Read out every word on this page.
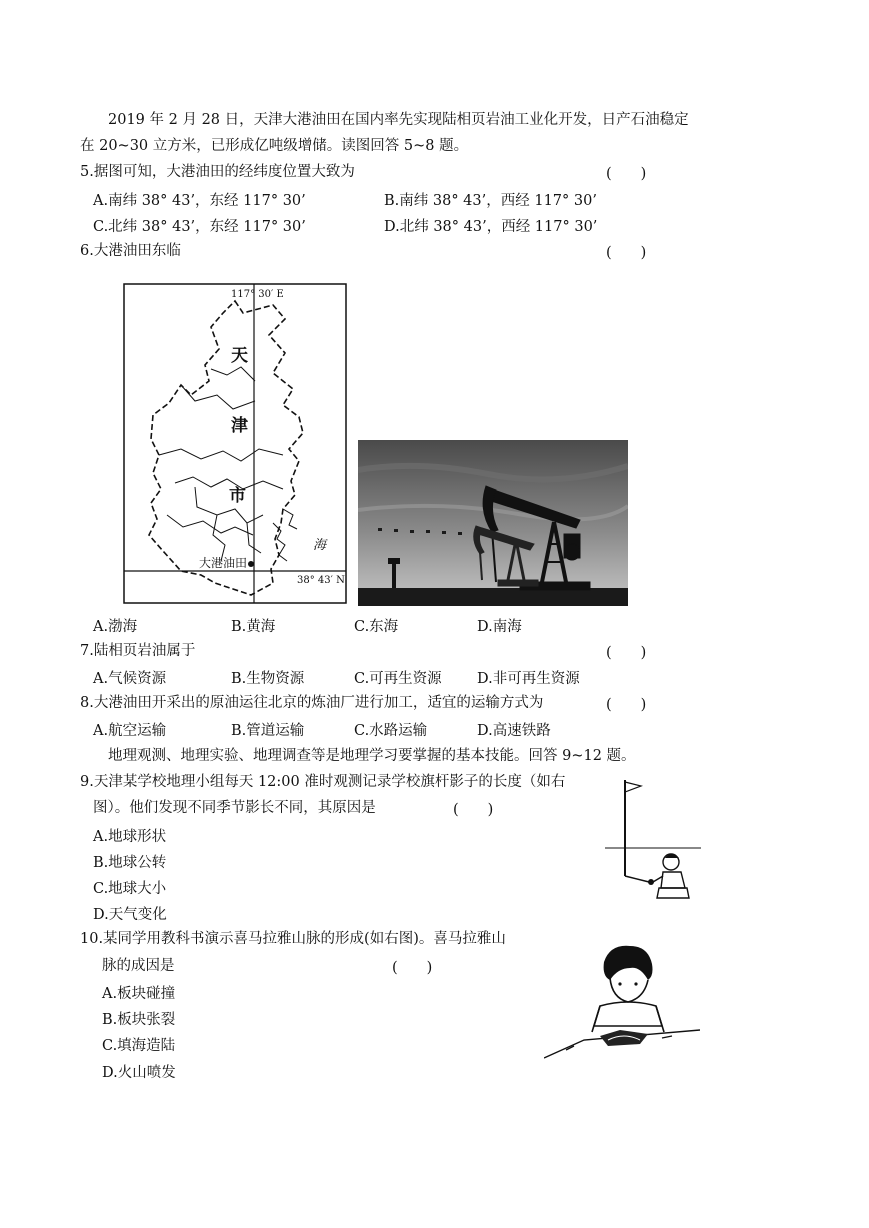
2019 年 2 月 28 日，天津大港油田在国内率先实现陆相页岩油工业化开发，日产石油稳定
在 20~30 立方米，已形成亿吨级增储。读图回答 5~8 题。
5.据图可知，大港油田的经纬度位置大致为	(　　)
A.南纬 38° 43’，东经 117° 30’	B.南纬 38° 43’，西经 117° 30’
C.北纬 38° 43’，东经 117° 30’	D.北纬 38° 43’，西经 117° 30’
6.大港油田东临	(　　)
117° 30′ E
38° 43′ N
天
津
市
海
大港油田
A.渤海	B.黄海	C.东海	D.南海
7.陆相页岩油属于	(　　)
A.气候资源	B.生物资源	C.可再生资源 D.非可再生资源
8.大港油田开采出的原油运往北京的炼油厂进行加工，适宜的运输方式为	(　　)
A.航空运输	B.管道运输	C.水路运输	D.高速铁路
地理观测、地理实验、地理调查等是地理学习要掌握的基本技能。回答 9~12 题。
9.天津某学校地理小组每天 12:00 准时观测记录学校旗杆影子的长度（如右
图）。他们发现不同季节影长不同，其原因是	(　　)
A.地球形状
B.地球公转
C.地球大小
D.天气变化
10.某同学用教科书演示喜马拉雅山脉的形成(如右图)。喜马拉雅山
脉的成因是	(　　)
A.板块碰撞
B.板块张裂
C.填海造陆
D.火山喷发
